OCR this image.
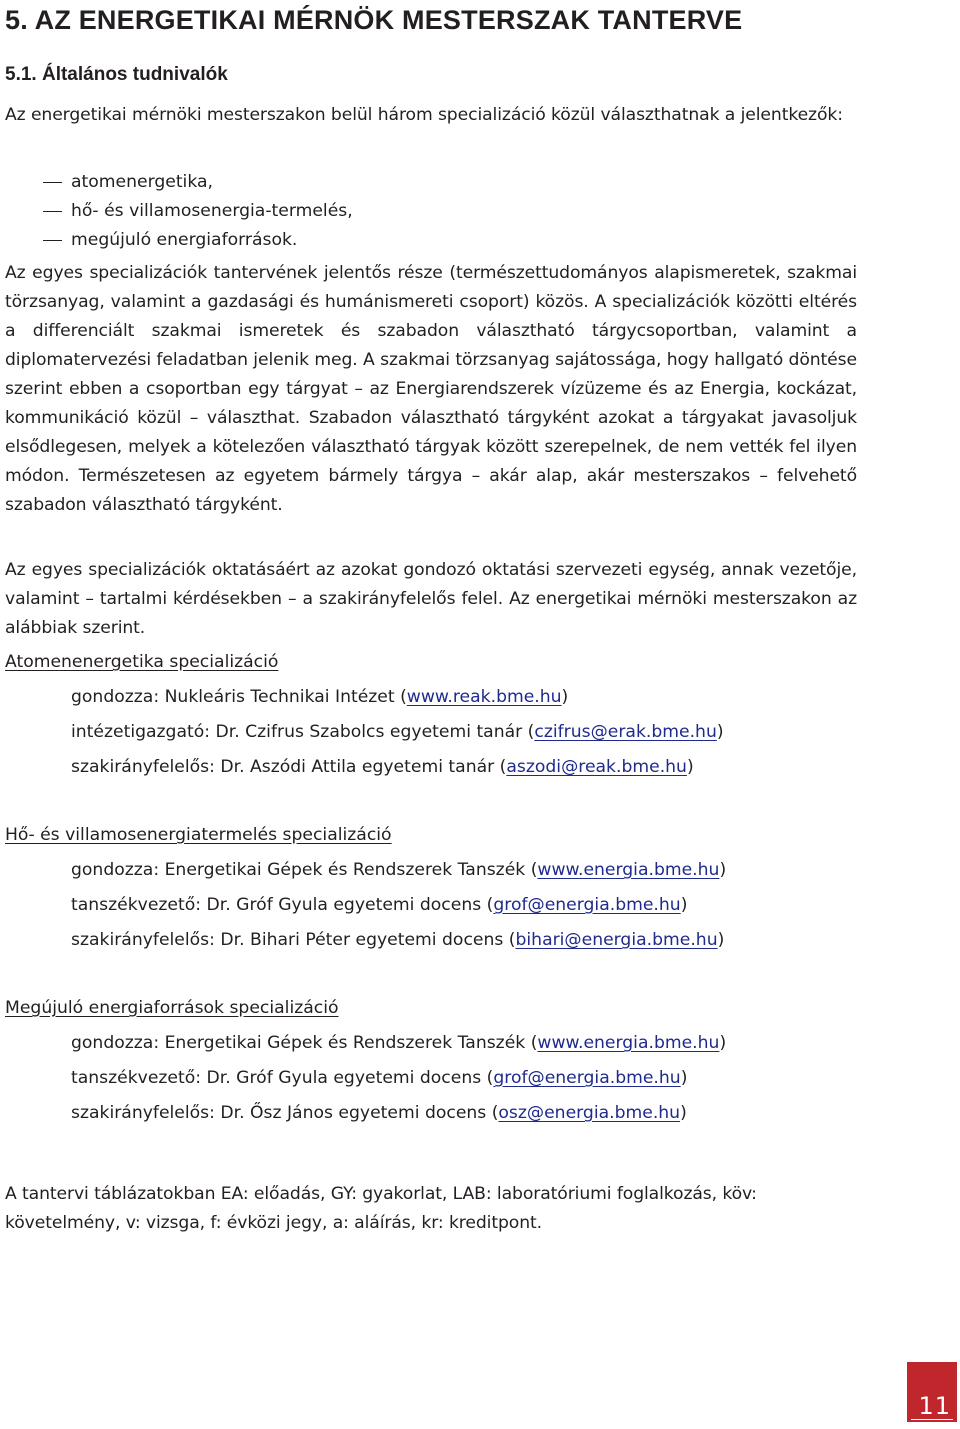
5. AZ ENERGETIKAI MÉRNÖK MESTERSZAK TANTERVE
5.1. Általános tudnivalók

Az energetikai mérnöki mesterszakon belül három specializáció közül választhatnak a jelentkezők:

atomenergetika,
hő- és villamosenergia-termelés,
megújuló energiaforrások.

Az egyes specializációk tantervének jelentős része (természettudományos alapismeretek, szakmai törzsanyag, valamint a gazdasági és humánismereti csoport) közös. A specializációk közötti eltérés a differenciált szakmai ismeretek és szabadon választható tárgycsoportban, valamint a diplomatervezési feladatban jelenik meg. A szakmai törzsanyag sajátossága, hogy hallgató döntése szerint ebben a csoportban egy tárgyat – az Energiarendszerek vízüzeme és az Energia, kockázat, kommunikáció közül – választhat. Szabadon választható tárgyként azokat a tárgyakat javasoljuk elsődlegesen, melyek a kötelezően választható tárgyak között szerepelnek, de nem vették fel ilyen módon. Természetesen az egyetem bármely tárgya – akár alap, akár mesterszakos – felvehető szabadon választható tárgyként.

Az egyes specializációk oktatásáért az azokat gondozó oktatási szervezeti egység, annak vezetője, valamint – tartalmi kérdésekben – a szakirányfelelős felel. Az energetikai mérnöki mesterszakon az alábbiak szerint.

Atomenenergetika specializáció

gondozza: Nukleáris Technikai Intézet (www.reak.bme.hu)

intézetigazgató: Dr. Czifrus Szabolcs egyetemi tanár (czifrus@erak.bme.hu)

szakirányfelelős: Dr. Aszódi Attila egyetemi tanár (aszodi@reak.bme.hu)

Hő- és villamosenergiatermelés specializáció

gondozza: Energetikai Gépek és Rendszerek Tanszék (www.energia.bme.hu)

tanszékvezető: Dr. Gróf Gyula egyetemi docens (grof@energia.bme.hu)

szakirányfelelős: Dr. Bihari Péter egyetemi docens (bihari@energia.bme.hu)

Megújuló energiaforrások specializáció

gondozza: Energetikai Gépek és Rendszerek Tanszék (www.energia.bme.hu)

tanszékvezető: Dr. Gróf Gyula egyetemi docens (grof@energia.bme.hu)

szakirányfelelős: Dr. Ősz János egyetemi docens (osz@energia.bme.hu)

A tantervi táblázatokban EA: előadás, GY: gyakorlat, LAB: laboratóriumi foglalkozás, köv: követelmény, v: vizsga, f: évközi jegy, a: aláírás, kr: kreditpont.

11
